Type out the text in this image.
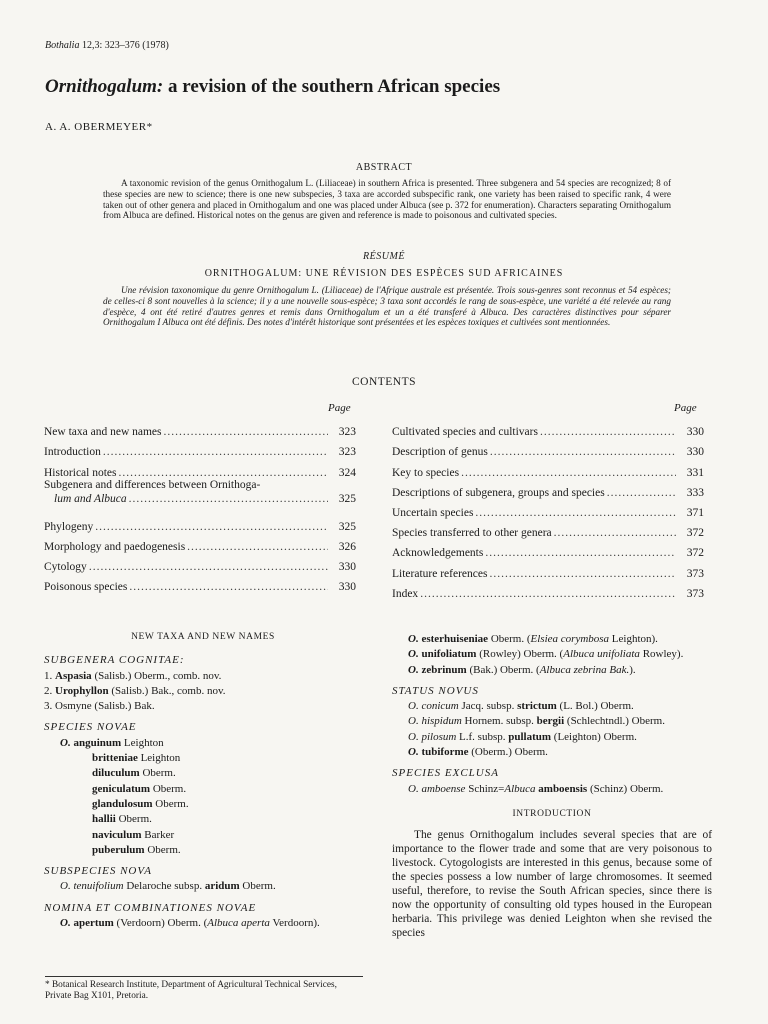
Bothalia 12,3: 323–376 (1978)
Ornithogalum: a revision of the southern African species
A. A. OBERMEYER*
ABSTRACT
A taxonomic revision of the genus Ornithogalum L. (Liliaceae) in southern Africa is presented. Three subgenera and 54 species are recognized; 8 of these species are new to science; there is one new subspecies, 3 taxa are accorded subspecific rank, one variety has been raised to specific rank, 4 were taken out of other genera and placed in Ornithogalum and one was placed under Albuca (see p. 372 for enumeration). Characters separating Ornithogalum from Albuca are defined. Historical notes on the genus are given and reference is made to poisonous and cultivated species.
RÉSUMÉ
ORNITHOGALUM: UNE RÉVISION DES ESPÈCES SUD AFRICAINES
Une révision taxonomique du genre Ornithogalum L. (Liliaceae) de l'Afrique australe est présentée. Trois sous-genres sont reconnus et 54 espèces; de celles-ci 8 sont nouvelles à la science; il y a une nouvelle sous-espèce; 3 taxa sont accordés le rang de sous-espèce, une variété a été relevée au rang d'espèce, 4 ont été retiré d'autres genres et remis dans Ornithogalum et un a été transferé à Albuca. Des caractères distinctives pour séparer Ornithogalum I Albuca ont été définis. Des notes d'intérêt historique sont présentées et les espèces toxiques et cultivées sont mentionnées.
CONTENTS
Page	Page
New taxa and new names .....	323
Introduction .....	323
Historical notes .....	324
Subgenera and differences between Ornithoga-
lum and Albuca .....	325
Phylogeny .....	325
Morphology and paedogenesis .....	326
Cytology .....	330
Poisonous species .....	330
Cultivated species and cultivars .....	330
Description of genus .....	330
Key to species .....	331
Descriptions of subgenera, groups and species .....	333
Uncertain species .....	371
Species transferred to other genera .....	372
Acknowledgements .....	372
Literature references .....	373
Index .....	373
NEW TAXA AND NEW NAMES
SUBGENERA COGNITAE:
1. Aspasia (Salisb.) Oberm., comb. nov.
2. Urophyllon (Salisb.) Bak., comb. nov.
3. Osmyne (Salisb.) Bak.
SPECIES NOVAE
O. anguinum Leighton
britteniae Leighton
diluculum Oberm.
geniculatum Oberm.
glandulosum Oberm.
hallii Oberm.
naviculum Barker
puberulum Oberm.
SUBSPECIES NOVA
O. tenuifolium Delaroche subsp. aridum Oberm.
NOMINA ET COMBINATIONES NOVAE
O. apertum (Verdoorn) Oberm. (Albuca aperta Verdoorn).
* Botanical Research Institute, Department of Agricultural Technical Services, Private Bag X101, Pretoria.
O. esterhuiseniae Oberm. (Elsiea corymbosa Leighton).
O. unifoliatum (Rowley) Oberm. (Albuca unifoliata Rowley).
O. zebrinum (Bak.) Oberm. (Albuca zebrina Bak.).
STATUS NOVUS
O. conicum Jacq. subsp. strictum (L. Bol.) Oberm.
O. hispidum Hornem. subsp. bergii (Schlechtndl.) Oberm.
O. pilosum L.f. subsp. pullatum (Leighton) Oberm.
O. tubiforme (Oberm.) Oberm.
SPECIES EXCLUSA
O. amboense Schinz=Albuca amboensis (Schinz) Oberm.
INTRODUCTION
The genus Ornithogalum includes several species that are of importance to the flower trade and some that are very poisonous to livestock. Cytogologists are interested in this genus, because some of the species possess a low number of large chromosomes. It seemed useful, therefore, to revise the South African species, since there is now the opportunity of consulting old types housed in the European herbaria. This privilege was denied Leighton when she revised the species
